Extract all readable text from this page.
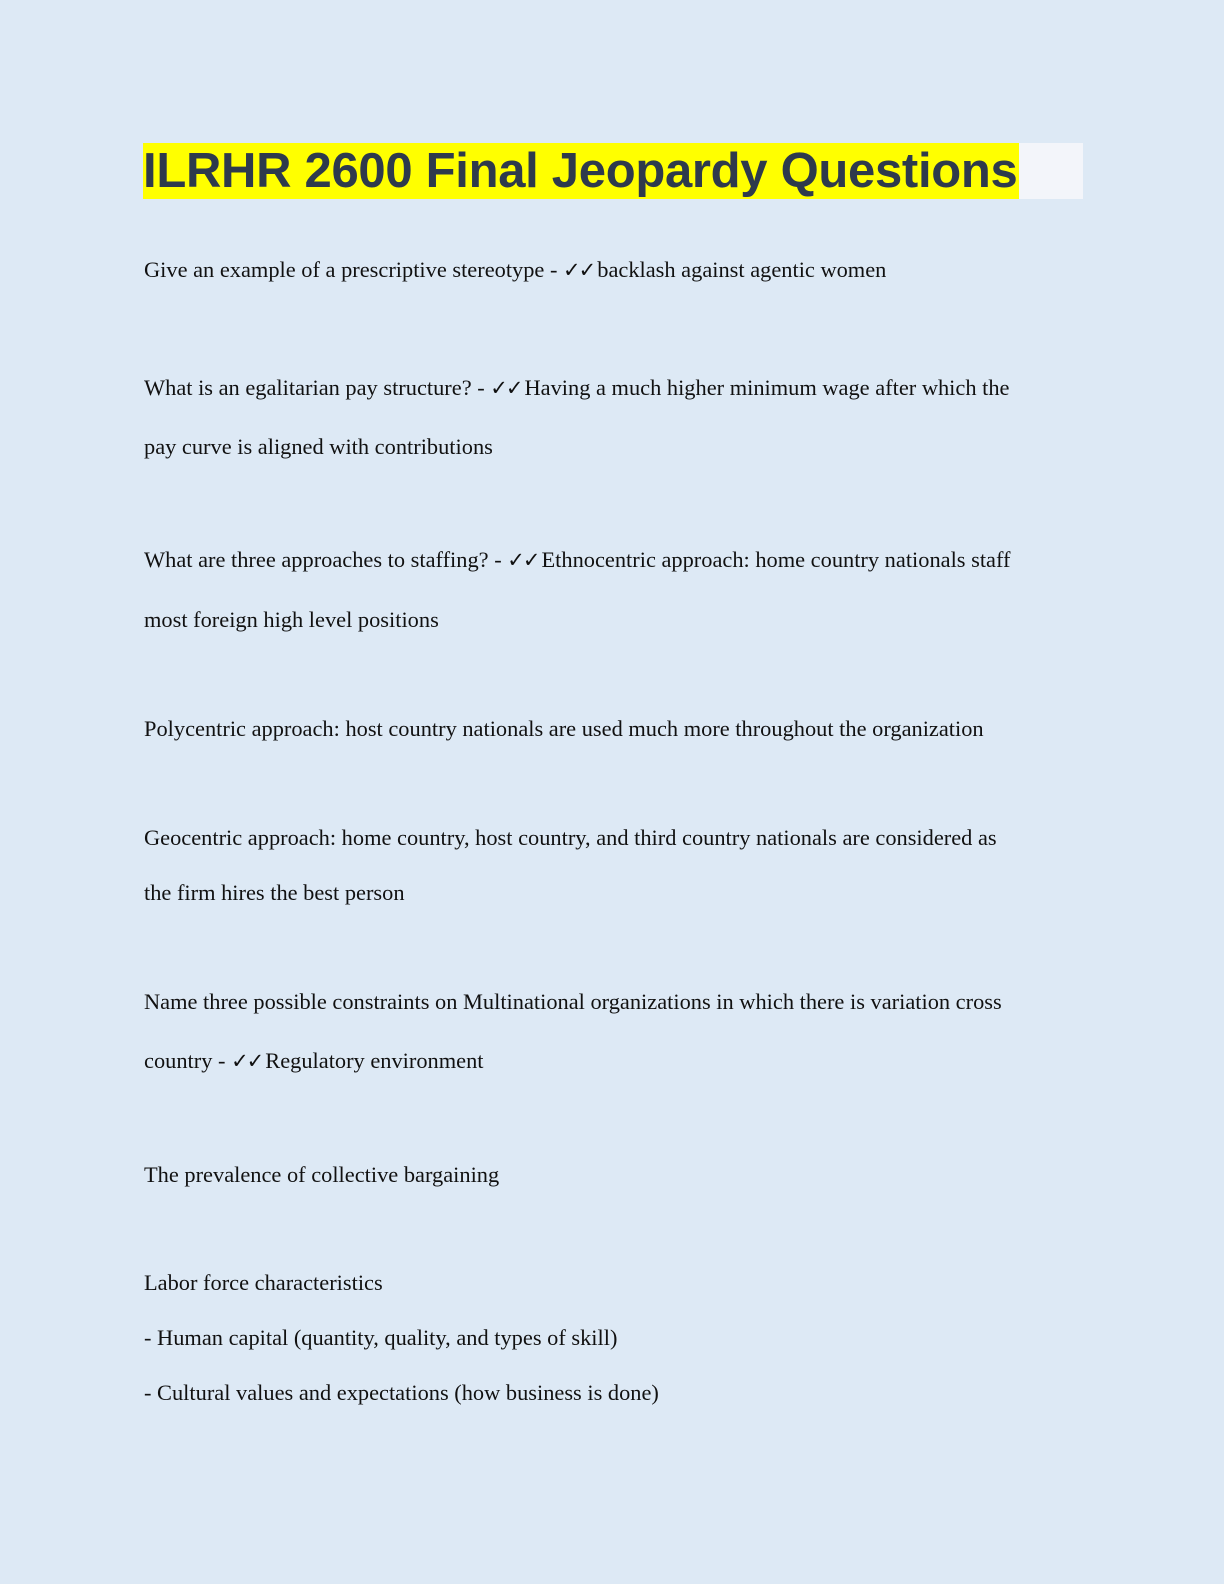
ILRHR 2600 Final Jeopardy Questions

Give an example of a prescriptive stereotype - ✓✓ backlash against agentic women

What is an egalitarian pay structure? - ✓✓ Having a much higher minimum wage after which the

pay curve is aligned with contributions

What are three approaches to staffing? - ✓✓ Ethnocentric approach: home country nationals staff

most foreign high level positions

Polycentric approach: host country nationals are used much more throughout the organization

Geocentric approach: home country, host country, and third country nationals are considered as

the firm hires the best person

Name three possible constraints on Multinational organizations in which there is variation cross

country - ✓✓ Regulatory environment

The prevalence of collective bargaining

Labor force characteristics

- Human capital (quantity, quality, and types of skill)

- Cultural values and expectations (how business is done)
